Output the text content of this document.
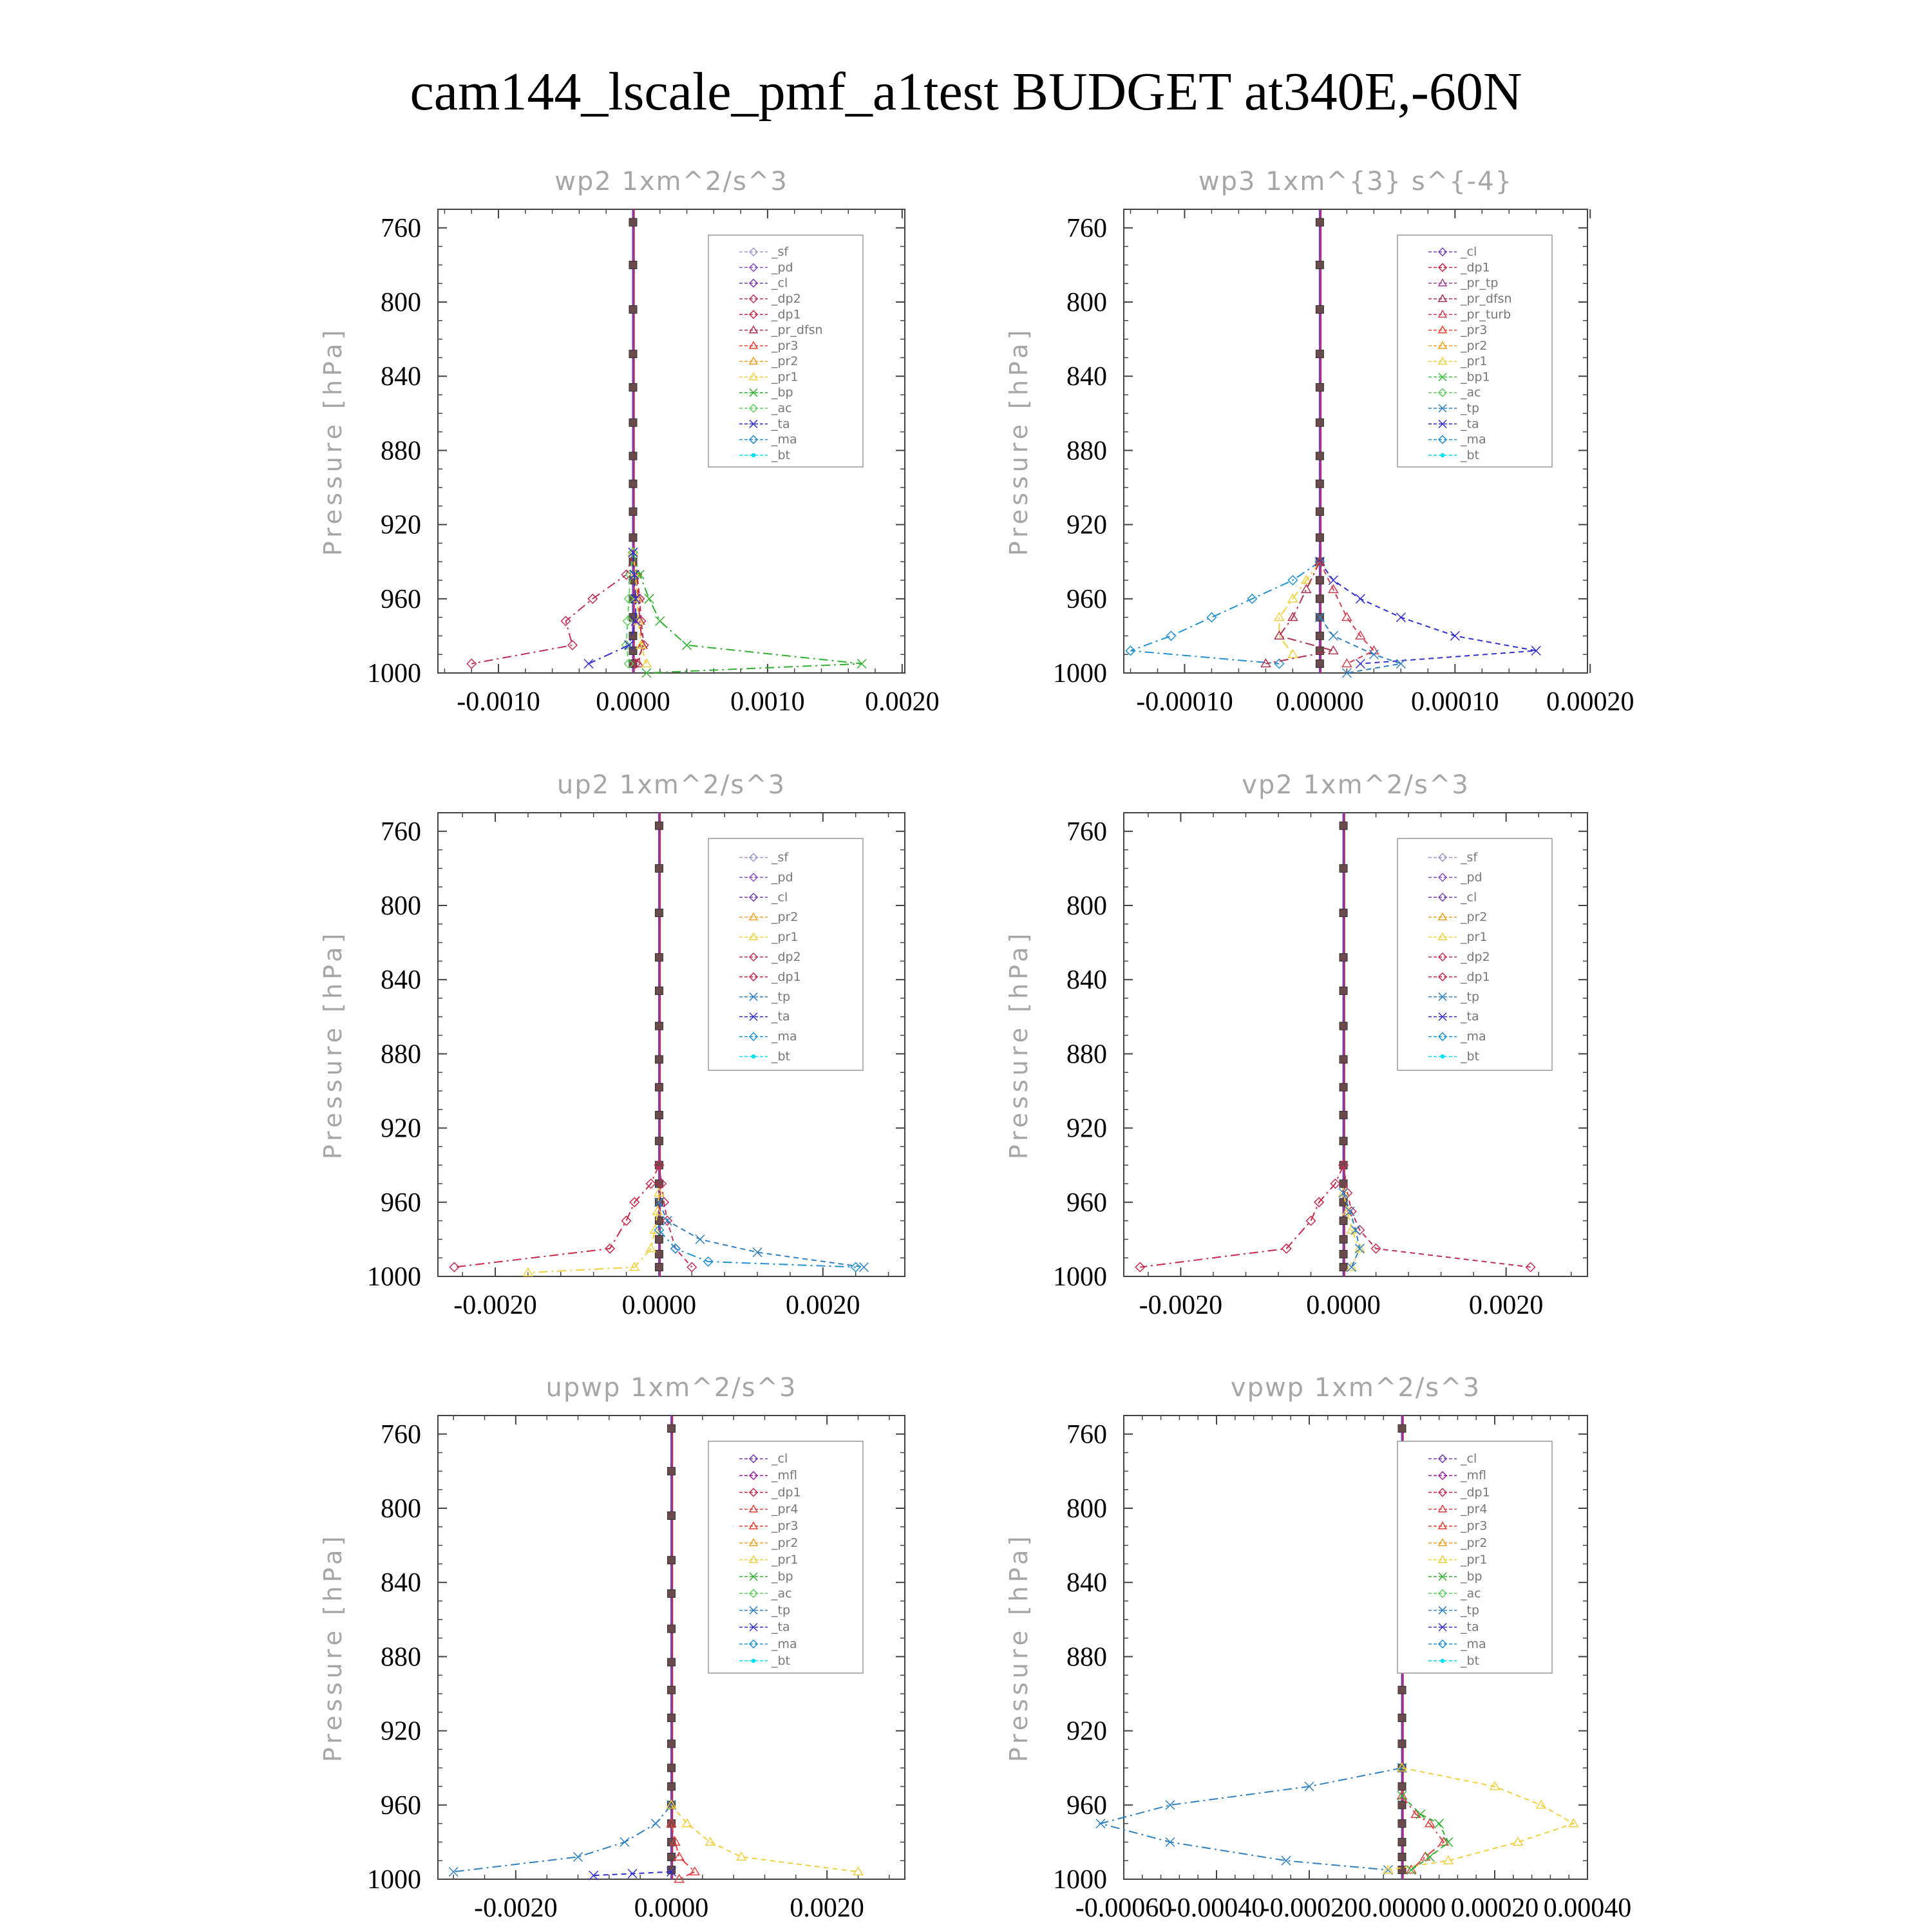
cam144_lscale_pmf_a1test BUDGET at340E,-60N
wp2 1xm^2/s^3
Pressure [hPa]
-0.0010 0.0000 0.0010 0.0020
760
800
840
880
920
960
1000
_sf
_pd
_cl
_dp2
_dp1
_pr_dfsn
_pr3
_pr2
_pr1
_bp
_ac
_ta
_ma
_bt
wp3 1xm^{3} s^{-4}
Pressure [hPa]
-0.00010 0.00000 0.00010 0.00020
760
800
840
880
920
960
1000
_cl
_dp1
_pr_tp
_pr_dfsn
_pr_turb
_pr3
_pr2
_pr1
_bp1
_ac
_tp
_ta
_ma
_bt
up2 1xm^2/s^3
Pressure [hPa]
-0.0020	0.0000	0.0020
760
800
840
880
920
960
1000
_sf
_pd
_cl
_pr2
_pr1
_dp2
_dp1
_tp
_ta
_ma
_bt
vp2 1xm^2/s^3
Pressure [hPa]
-0.0020	0.0000	0.0020
760
800
840
880
920
960
1000
_sf
_pd
_cl
_pr2
_pr1
_dp2
_dp1
_tp
_ta
_ma
_bt
upwp 1xm^2/s^3
Pressure [hPa]
-0.0020	0.0000	0.0020
760
800
840
880
920
960
1000
_cl
_mfl
_dp1
_pr4
_pr3
_pr2
_pr1
_bp
_ac
_tp
_ta
_ma
_bt
vpwp 1xm^2/s^3
Pressure [hPa]
-0.00060
-0.00040
-0.00020 0.00000 0.00020 0.00040
760
800
840
880
920
960
1000
_cl
_mfl
_dp1
_pr4
_pr3
_pr2
_pr1
_bp
_ac
_tp
_ta
_ma
_bt
